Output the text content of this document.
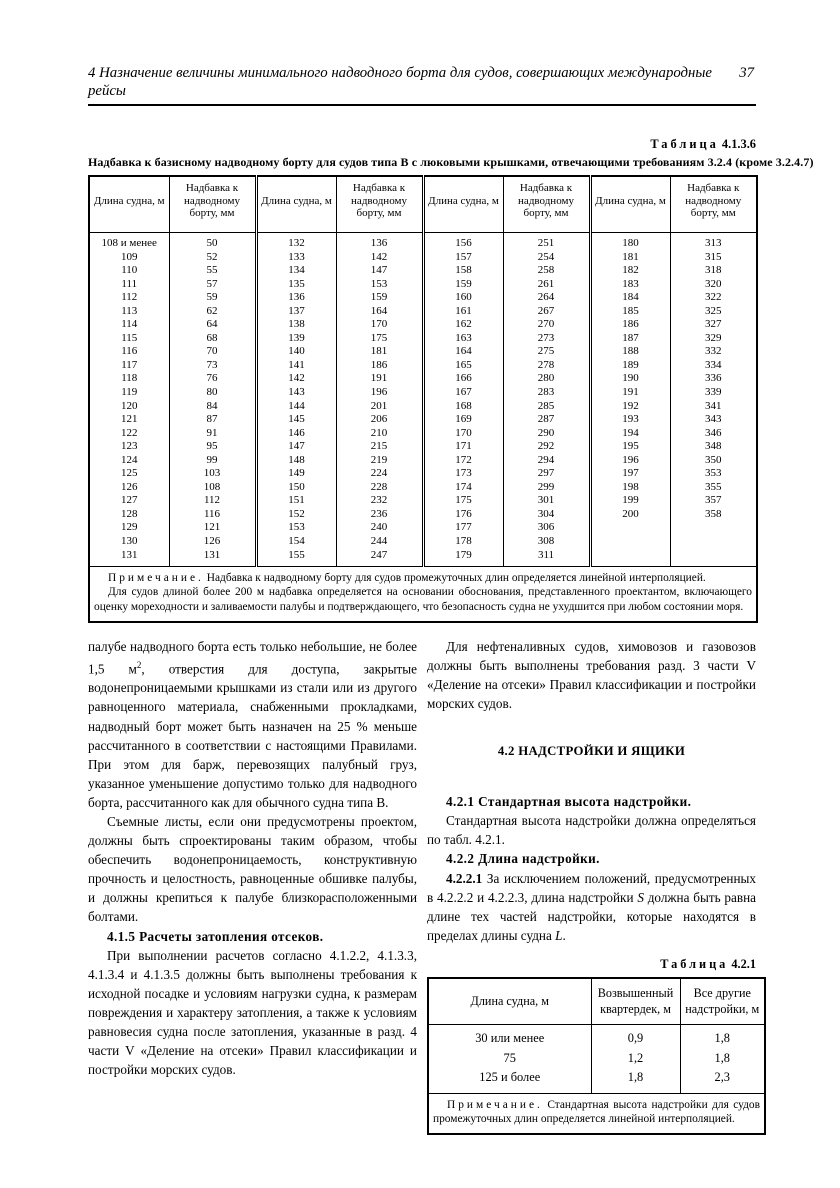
4 Назначение величины минимального надводного борта для судов, совершающих международные рейсы
37
Таблица 4.1.3.6
Надбавка к базисному надводному борту для судов типа В с люковыми крышками, отвечающими требованиям 3.2.4 (кроме 3.2.4.7)
Длина судна, м	Надбавка к надводному борту, мм	Длина судна, м	Надбавка к надводному борту, мм	Длина судна, м	Надбавка к надводному борту, мм	Длина судна, м	Надбавка к надводному борту, мм
108 и менее	50	132	136	156	251	180	313
109	52	133	142	157	254	181	315
110	55	134	147	158	258	182	318
111	57	135	153	159	261	183	320
112	59	136	159	160	264	184	322
113	62	137	164	161	267	185	325
114	64	138	170	162	270	186	327
115	68	139	175	163	273	187	329
116	70	140	181	164	275	188	332
117	73	141	186	165	278	189	334
118	76	142	191	166	280	190	336
119	80	143	196	167	283	191	339
120	84	144	201	168	285	192	341
121	87	145	206	169	287	193	343
122	91	146	210	170	290	194	346
123	95	147	215	171	292	195	348
124	99	148	219	172	294	196	350
125	103	149	224	173	297	197	353
126	108	150	228	174	299	198	355
127	112	151	232	175	301	199	357
128	116	152	236	176	304	200	358
129	121	153	240	177	306		
130	126	154	244	178	308		
131	131	155	247	179	311		

Примечание. Надбавка к надводному борту для судов промежуточных длин определяется линейной интерполяцией.

Для судов длиной более 200 м надбавка определяется на основании обоснования, представленного проектантом, включающего оценку мореходности и заливаемости палубы и подтверждающего, что безопасность судна не ухудшится при любом состоянии моря.							

палубе надводного борта есть только небольшие, не более 1,5 $м^2$, отверстия для доступа, закрытые водонепроницаемыми крышками из стали или из другого равноценного материала, снабженными прокладками, надводный борт может быть назначен на 25 % меньше рассчитанного в соответствии с настоящими Правилами. При этом для барж, перевозящих палубный груз, указанное уменьшение допустимо только для надводного борта, рассчитанного как для обычного судна типа В.

Съемные листы, если они предусмотрены проектом, должны быть спроектированы таким образом, чтобы обеспечить водонепроницаемость, конструктивную прочность и целостность, равноценные обшивке палубы, и должны крепиться к палубе близкорасположенными болтами.

4.1.5 Расчеты затопления отсеков.

При выполнении расчетов согласно 4.1.2.2, 4.1.3.3, 4.1.3.4 и 4.1.3.5 должны быть выполнены требования к исходной посадке и условиям нагрузки судна, к размерам повреждения и характеру затопления, а также к условиям равновесия судна после затопления, указанные в разд. 4 части V «Деление на отсеки» Правил классификации и постройки морских судов.

Для нефтеналивных судов, химовозов и газовозов должны быть выполнены требования разд. 3 части V «Деление на отсеки» Правил классификации и постройки морских судов.

4.2 НАДСТРОЙКИ И ЯЩИКИ

4.2.1 Стандартная высота надстройки.

Стандартная высота надстройки должна определяться по табл. 4.2.1.

4.2.2 Длина надстройки.

4.2.2.1 За исключением положений, предусмотренных в 4.2.2.2 и 4.2.2.3, длина надстройки S должна быть равна длине тех частей надстройки, которые находятся в пределах длины судна L.

Таблица 4.2.1
Длина судна, м	Возвышенный квартердек, м	Все другие надстройки, м
30 или менее	0,9	1,8
75	1,2	1,8
125 и более	1,8	2,3

Примечание. Стандартная высота надстройки для судов промежуточных длин определяется линейной интерполяцией.		
